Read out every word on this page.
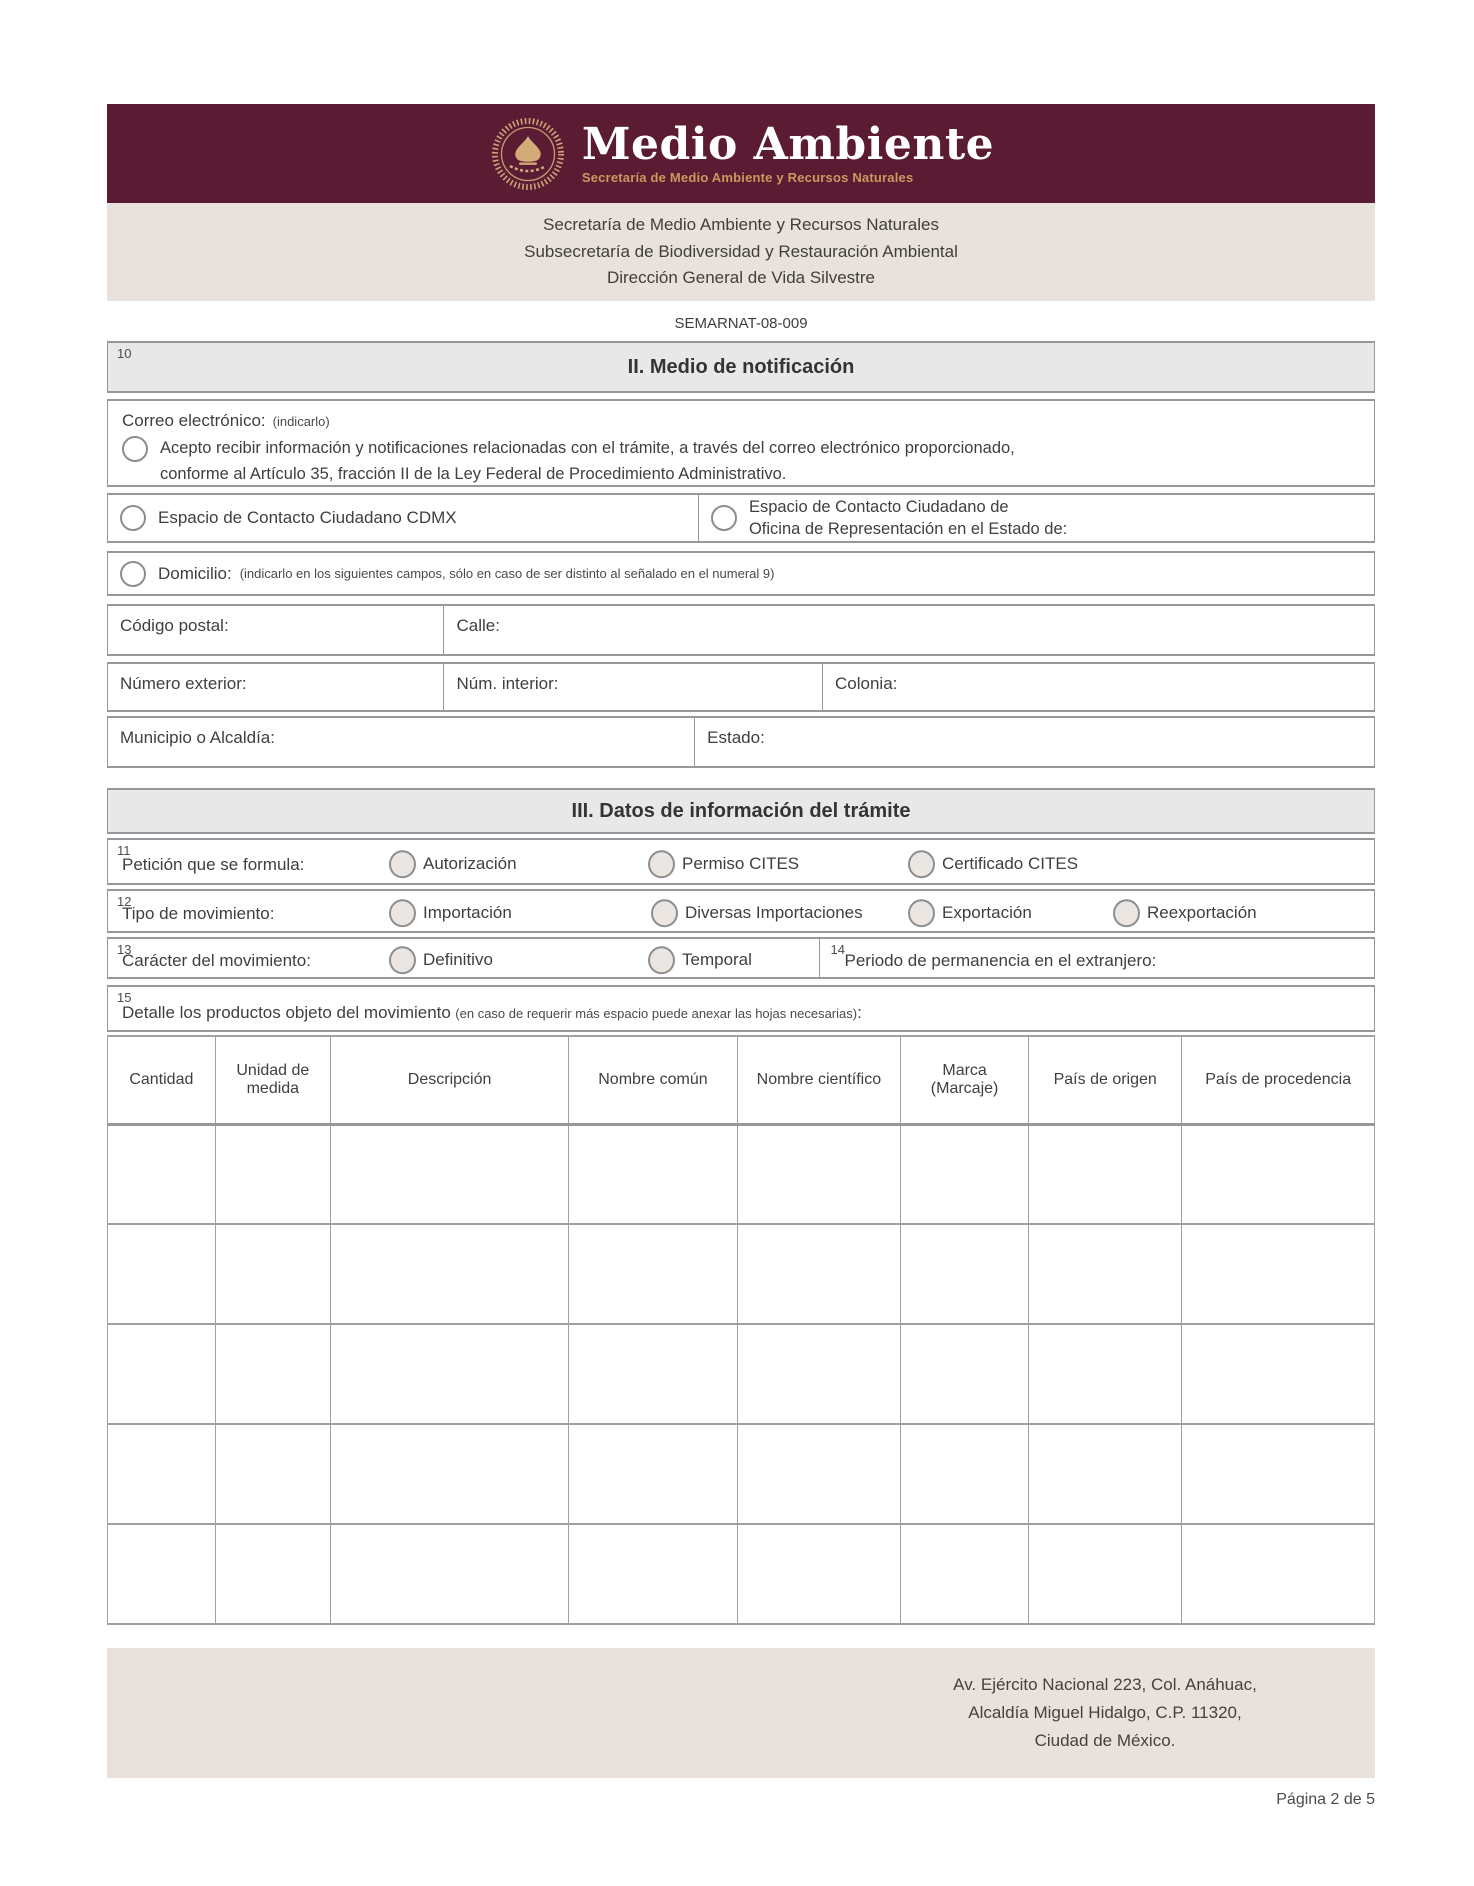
Medio Ambiente
Secretaría de Medio Ambiente y Recursos Naturales
Secretaría de Medio Ambiente y Recursos Naturales
Subsecretaría de Biodiversidad y Restauración Ambiental
Dirección General de Vida Silvestre
SEMARNAT-08-009
10
II. Medio de notificación
Correo electrónico: (indicarlo)
Acepto recibir información y notificaciones relacionadas con el trámite, a través del correo electrónico proporcionado,
conforme al Artículo 35, fracción II de la Ley Federal de Procedimiento Administrativo.
Espacio de Contacto Ciudadano CDMX
Espacio de Contacto Ciudadano de
Oficina de Representación en el Estado de:
Domicilio: (indicarlo en los siguientes campos, sólo en caso de ser distinto al señalado en el numeral 9)
Código postal:	Calle:
Número exterior:	Núm. interior:	Colonia:
Municipio o Alcaldía:	Estado:
III. Datos de información del trámite
11
Petición que se formula:	Autorización	Permiso CITES	Certificado CITES
12
Tipo de movimiento:	Importación	Diversas Importaciones	Exportación	Reexportación
13
Carácter del movimiento:	Definitivo	Temporal
14
Periodo de permanencia en el extranjero:
15
Detalle los productos objeto del movimiento (en caso de requerir más espacio puede anexar las hojas necesarias):
Cantidad	Unidad de medida	Descripción	Nombre común	Nombre científico	Marca (Marcaje)	País de origen	País de procedencia

Av. Ejército Nacional 223, Col. Anáhuac,
Alcaldía Miguel Hidalgo, C.P. 11320,
Ciudad de México.
Página 2 de 5
